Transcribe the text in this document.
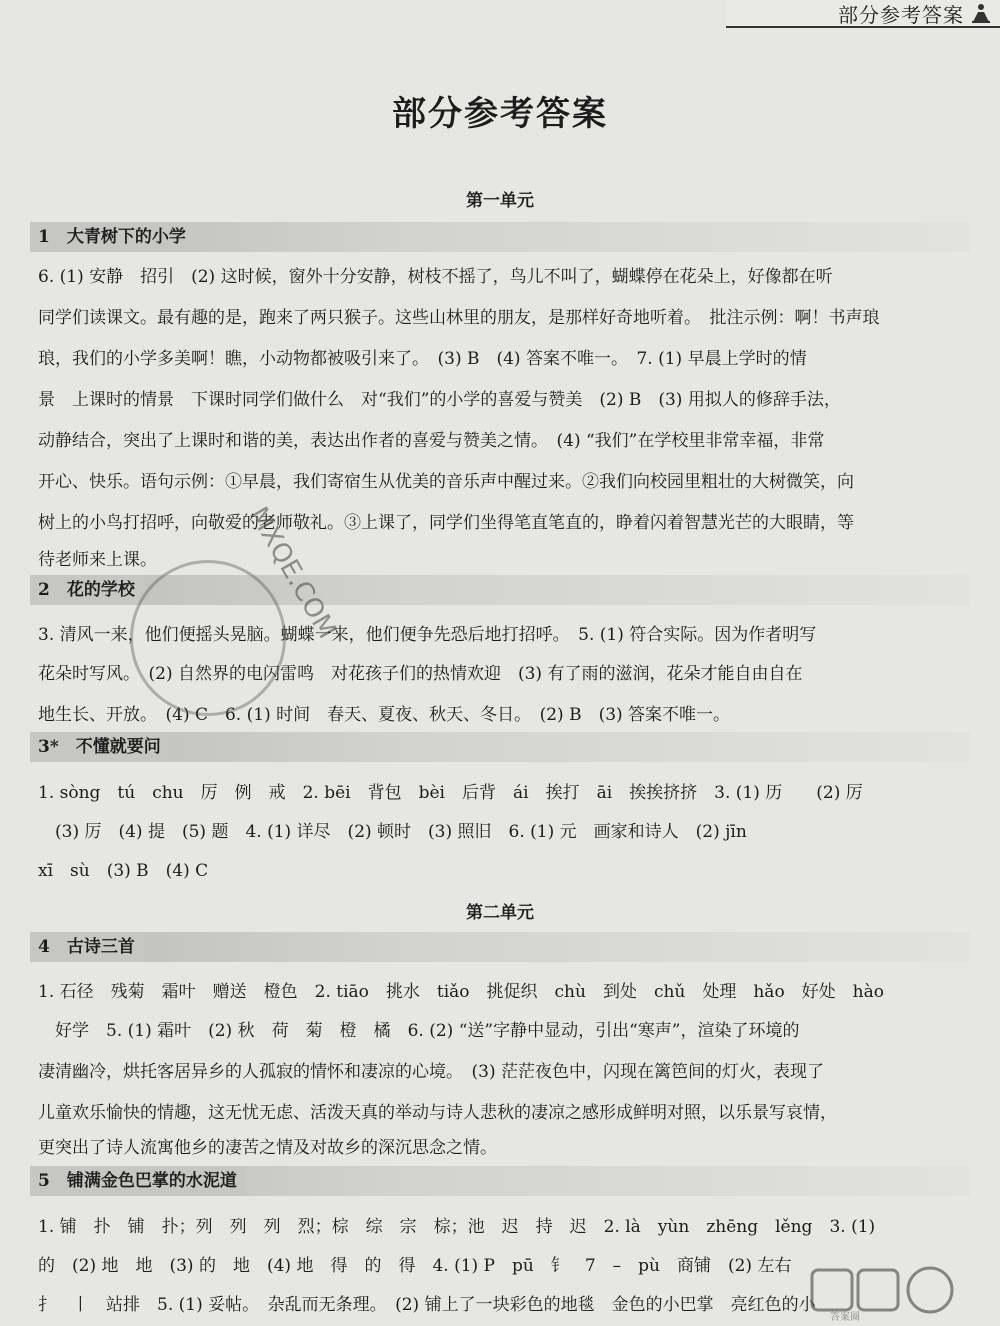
部分参考答案
部分参考答案
第一单元
1　大青树下的小学
6. (1) 安静　招引　(2) 这时候，窗外十分安静，树枝不摇了，鸟儿不叫了，蝴蝶停在花朵上，好像都在听
同学们读课文。最有趣的是，跑来了两只猴子。这些山林里的朋友，是那样好奇地听着。　批注示例：啊！书声琅
琅，我们的小学多美啊！瞧，小动物都被吸引来了。　(3) B　(4) 答案不唯一。　7. (1) 早晨上学时的情
景　上课时的情景　下课时同学们做什么　对“我们”的小学的喜爱与赞美　(2) B　(3) 用拟人的修辞手法，
动静结合，突出了上课时和谐的美，表达出作者的喜爱与赞美之情。　(4) “我们”在学校里非常幸福，非常
开心、快乐。语句示例：①早晨，我们寄宿生从优美的音乐声中醒过来。②我们向校园里粗壮的大树微笑，向
树上的小鸟打招呼，向敬爱的老师敬礼。③上课了，同学们坐得笔直笔直的，睁着闪着智慧光芒的大眼睛，等
待老师来上课。
2　花的学校
3. 清风一来，他们便摇头晃脑。蝴蝶一来，他们便争先恐后地打招呼。　5. (1) 符合实际。因为作者明写
花朵时写风。　(2) 自然界的电闪雷鸣　对花孩子们的热情欢迎　(3) 有了雨的滋润，花朵才能自由自在
地生长、开放。　(4) C　6. (1) 时间　春天、夏夜、秋天、冬日。　(2) B　(3) 答案不唯一。
3*　不懂就要问
1. sòng　tú　chu　厉　例　戒　2. bēi　背包　bèi　后背　ái　挨打　āi　挨挨挤挤　3. (1) 历　　(2) 厉
　(3) 厉　(4) 提　(5) 题　4. (1) 详尽　(2) 顿时　(3) 照旧　6. (1) 元　画家和诗人　(2) jīn
xī　sù　(3) B　(4) C
第二单元
4　古诗三首
1. 石径　残菊　霜叶　赠送　橙色　2. tiāo　挑水　tiǎo　挑促织　chù　到处　chǔ　处理　hǎo　好处　hào
　好学　5. (1) 霜叶　(2) 秋　荷　菊　橙　橘　6. (2) “送”字静中显动，引出“寒声”，渲染了环境的
凄清幽冷，烘托客居异乡的人孤寂的情怀和凄凉的心境。　(3) 茫茫夜色中，闪现在篱笆间的灯火，表现了
儿童欢乐愉快的情趣，这无忧无虑、活泼天真的举动与诗人悲秋的凄凉之感形成鲜明对照，以乐景写哀情，
更突出了诗人流寓他乡的凄苦之情及对故乡的深沉思念之情。
5　铺满金色巴掌的水泥道
1. 铺　扑　铺　扑；列　列　列　烈；棕　综　宗　棕；池　迟　持　迟　2. là　yùn　zhēng　lěng　3. (1)
的　(2) 地　地　(3) 的　地　(4) 地　得　的　得　4. (1) P　pū　钅　7　–　pù　商铺　(2) 左右
扌　丨　站排　5. (1) 妥帖。　杂乱而无条理。　(2) 铺上了一块彩色的地毯　金色的小巴掌　亮红色的小
MXQE.COM
答案圈
